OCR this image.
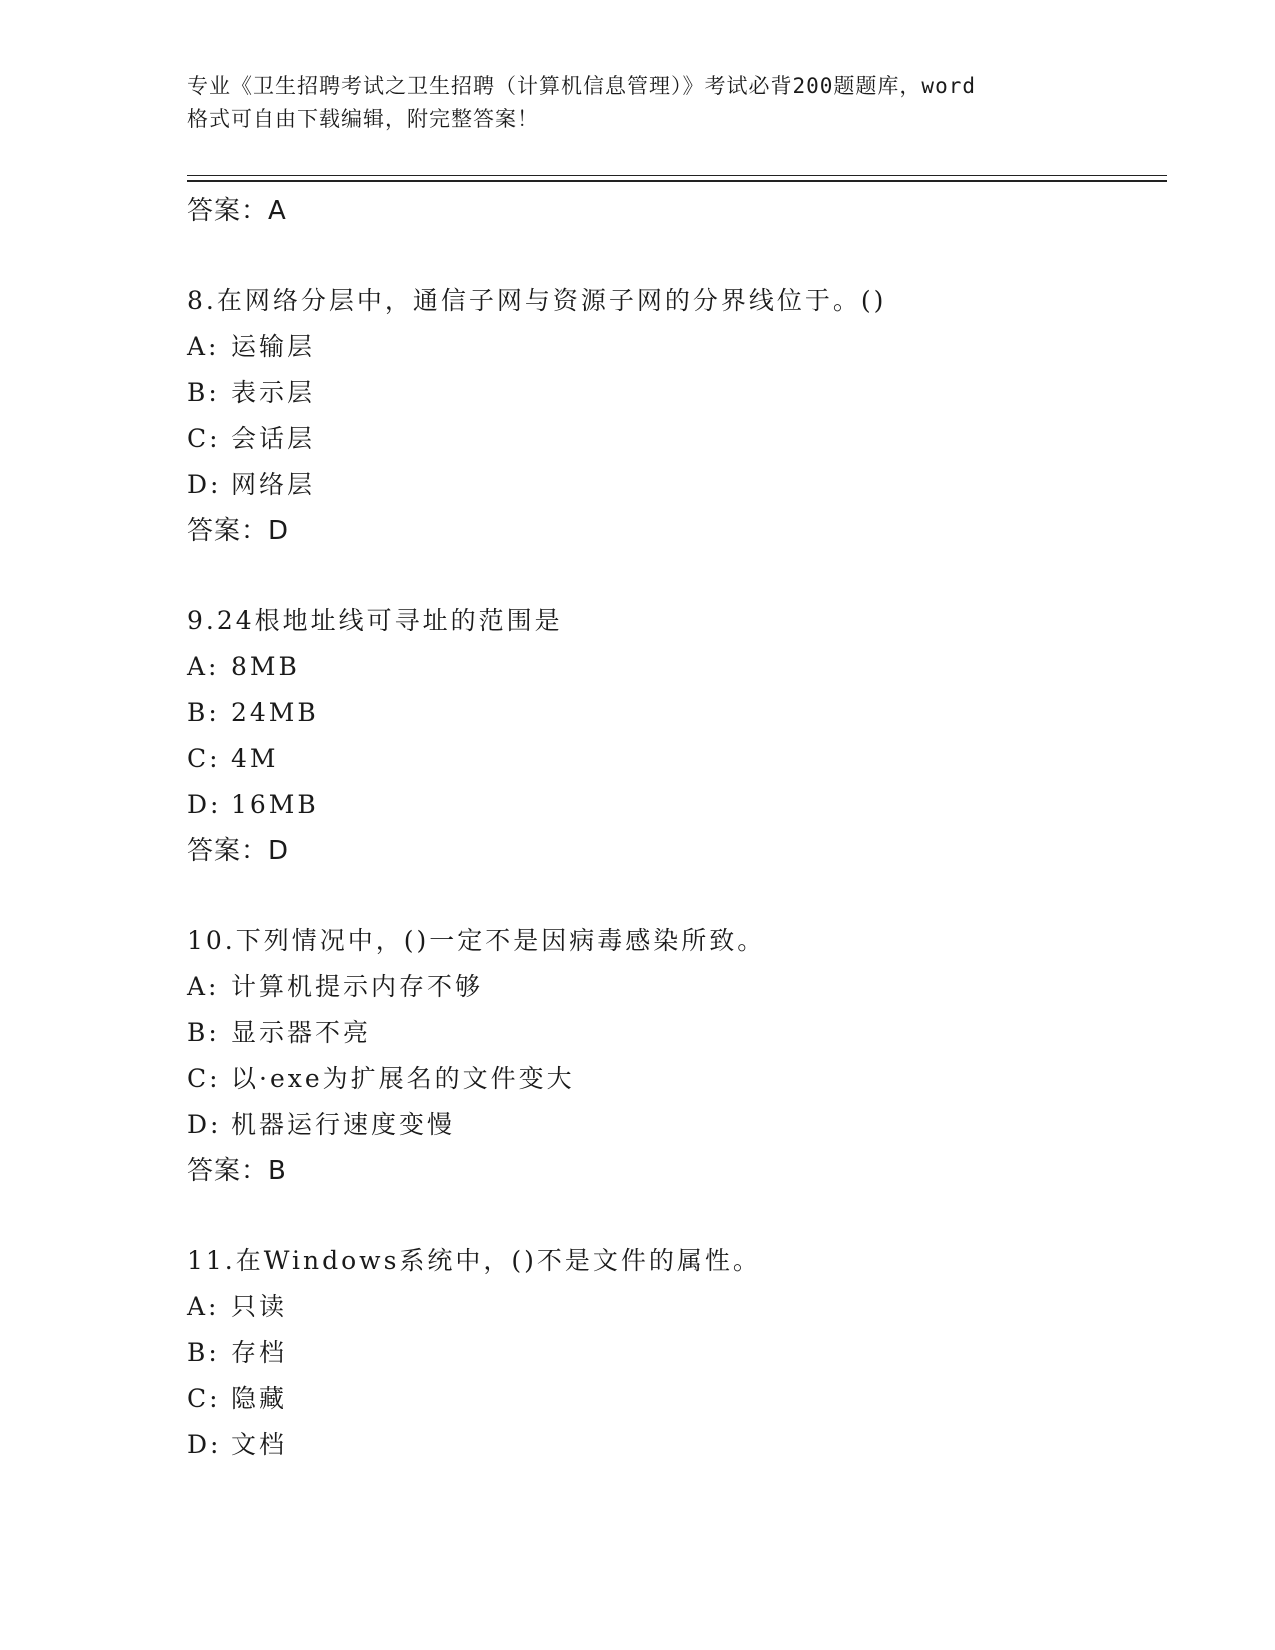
专业《卫生招聘考试之卫生招聘（计算机信息管理）》考试必背200题题库，word

格式可自由下载编辑，附完整答案！

答案：A

8.在网络分层中，通信子网与资源子网的分界线位于。()

A: 运输层

B: 表示层

C: 会话层

D: 网络层

答案：D

9.24根地址线可寻址的范围是

A: 8MB

B: 24MB

C: 4M

D: 16MB

答案：D

10.下列情况中，()一定不是因病毒感染所致。

A: 计算机提示内存不够

B: 显示器不亮

C: 以·exe为扩展名的文件变大

D: 机器运行速度变慢

答案：B

11.在Windows系统中，()不是文件的属性。

A: 只读

B: 存档

C: 隐藏

D: 文档
